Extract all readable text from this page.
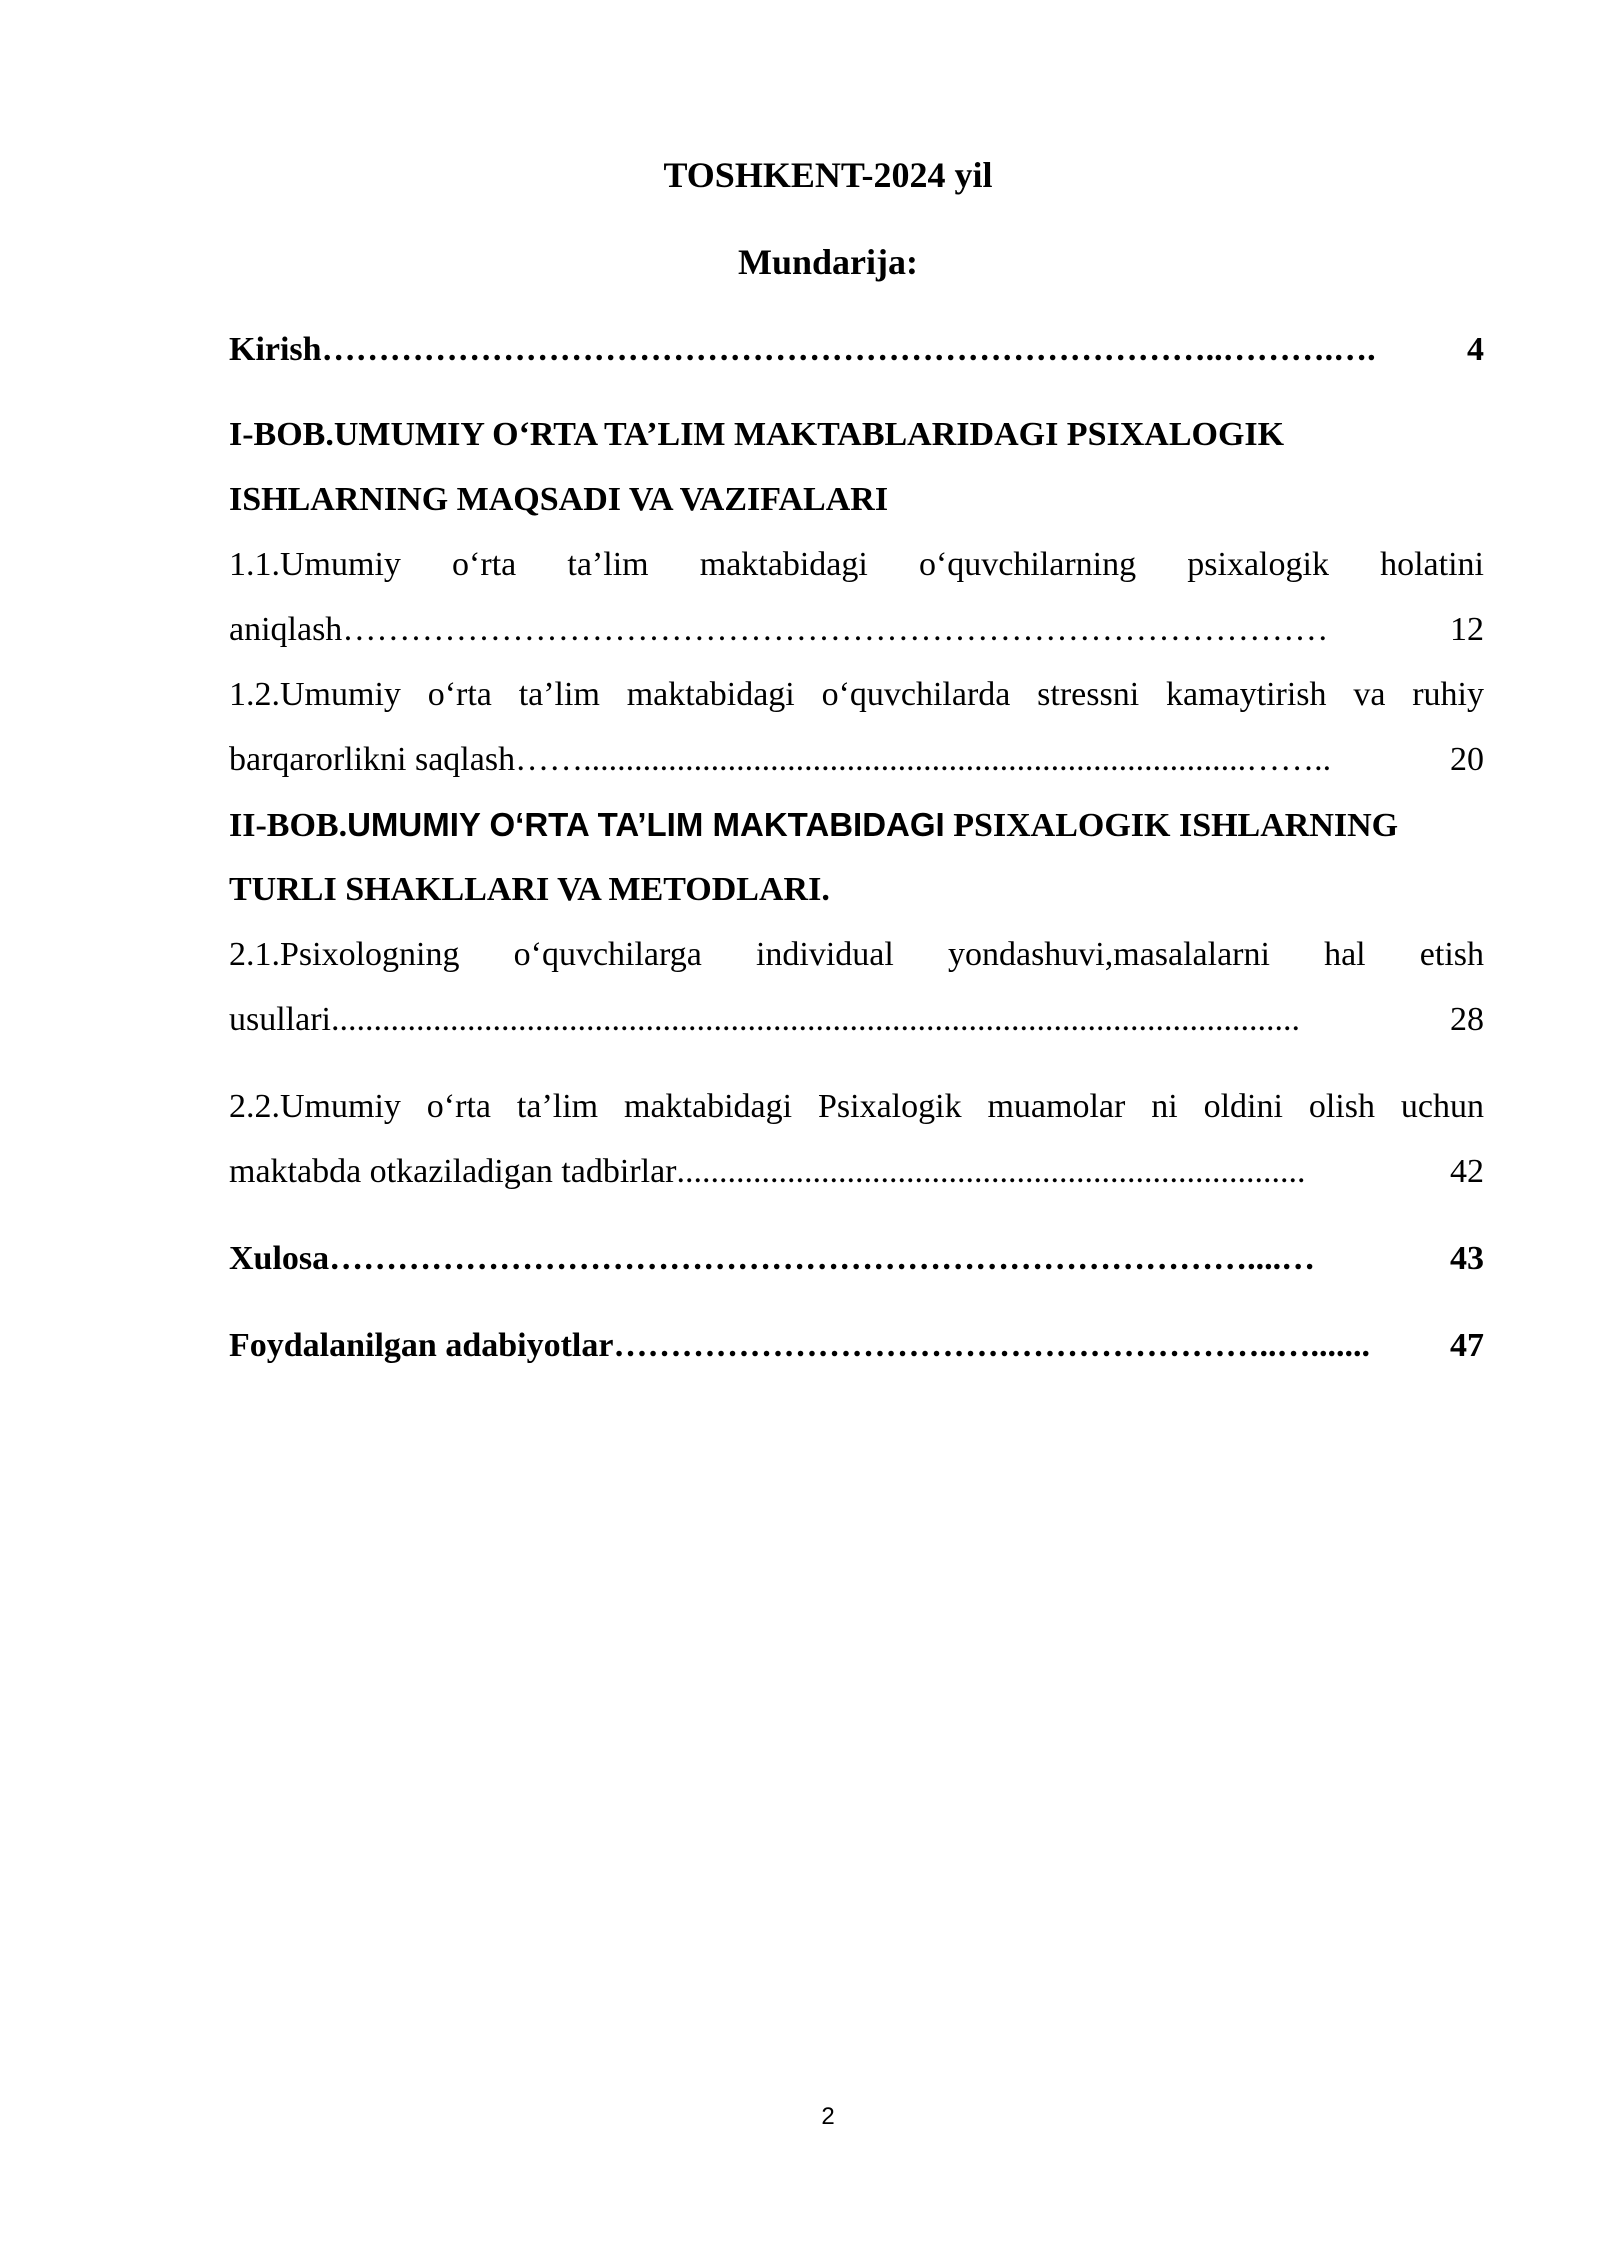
TOSHKENT-2024 yil
Mundarija:
Kirish ……………………………………………………………………..……….….	4
I-BOB.UMUMIY O‘RTA TA’LIM MAKTABLARIDAGI PSIXALOGIK
ISHLARNING MAQSADI VA VAZIFALARI
1.1.Umumiy o‘rta ta’lim maktabidagi o‘quvchilarning psixalogik holatini
aniqlash ……………………………………………………………………………	12
1.2.Umumiy o‘rta ta’lim maktabidagi o‘quvchilarda stressni kamaytirish va ruhiy
barqarorlikni saqlash ……..............................................................................……..	20
II-BOB.UMUMIY O‘RTA TA’LIM MAKTABIDAGI PSIXALOGIK ISHLARNING
TURLI SHAKLLARI VA METODLARI.
2.1.Psixologning o‘quvchilarga individual yondashuvi,masalalarni hal etish
usullari ..................................................................................................................	28
2.2.Umumiy o‘rta ta’lim maktabidagi Psixalogik muamolar ni oldini olish uchun
maktabda otkaziladigan tadbirlar ..........................................................................	42
Xulosa ………………………………………………………………………....…	43
Foydalanilgan adabiyotlar …………………………………………………..….......	47
2
